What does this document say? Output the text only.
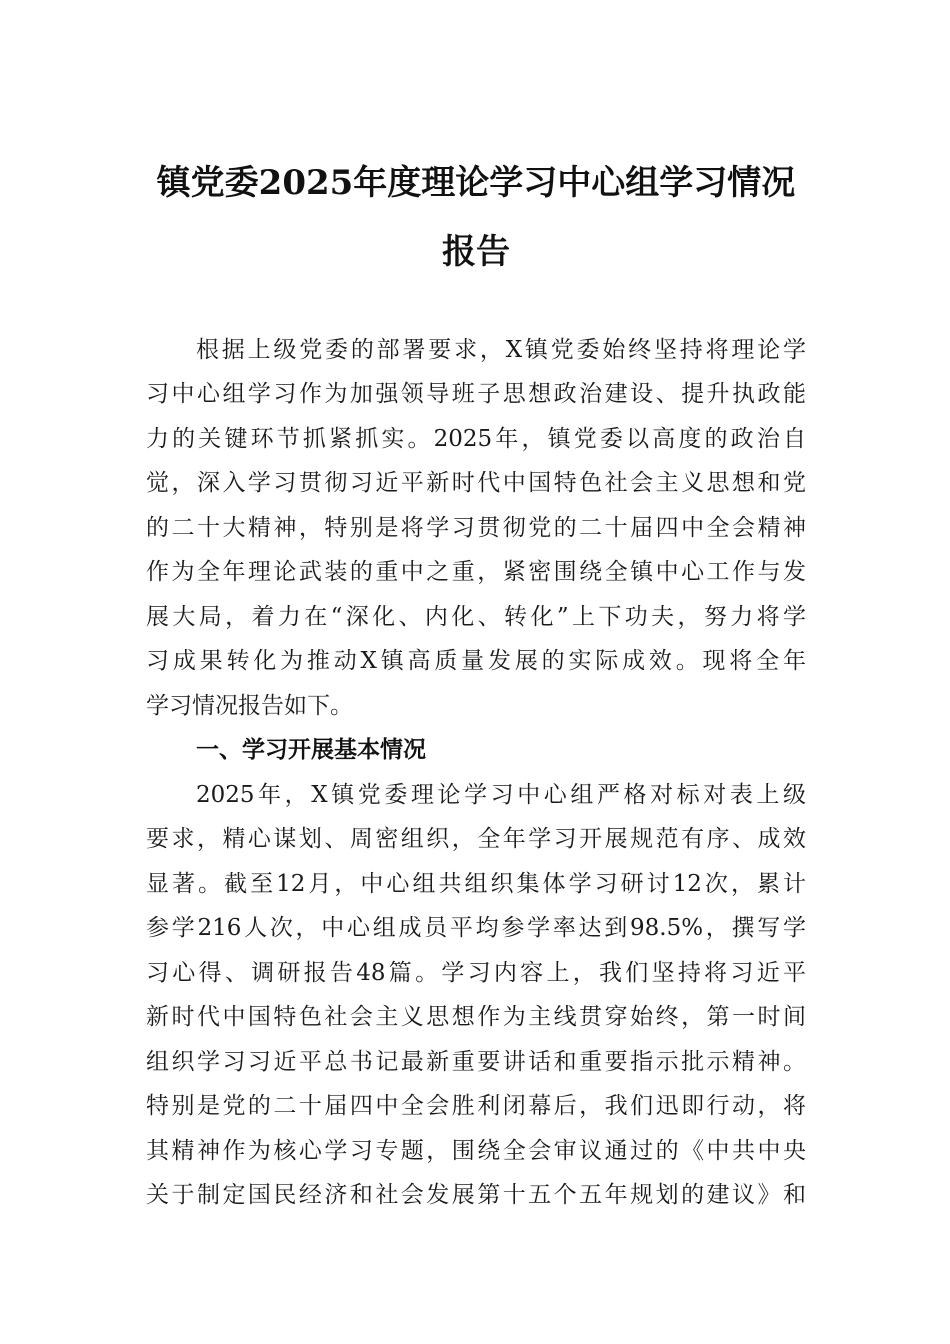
镇党委2025年度理论学习中心组学习情况
报告
根据上级党委的部署要求，X镇党委始终坚持将理论学
习中心组学习作为加强领导班子思想政治建设、提升执政能
力的关键环节抓紧抓实。2025年，镇党委以高度的政治自
觉，深入学习贯彻习近平新时代中国特色社会主义思想和党
的二十大精神，特别是将学习贯彻党的二十届四中全会精神
作为全年理论武装的重中之重，紧密围绕全镇中心工作与发
展大局，着力在“深化、内化、转化”上下功夫，努力将学
习成果转化为推动X镇高质量发展的实际成效。现将全年
学习情况报告如下。
一、学习开展基本情况
2025年，X镇党委理论学习中心组严格对标对表上级
要求，精心谋划、周密组织，全年学习开展规范有序、成效
显著。截至12月，中心组共组织集体学习研讨12次，累计
参学216人次，中心组成员平均参学率达到98.5%，撰写学
习心得、调研报告48篇。学习内容上，我们坚持将习近平
新时代中国特色社会主义思想作为主线贯穿始终，第一时间
组织学习习近平总书记最新重要讲话和重要指示批示精神。
特别是党的二十届四中全会胜利闭幕后，我们迅即行动，将
其精神作为核心学习专题，围绕全会审议通过的《中共中央
关于制定国民经济和社会发展第十五个五年规划的建议》和
